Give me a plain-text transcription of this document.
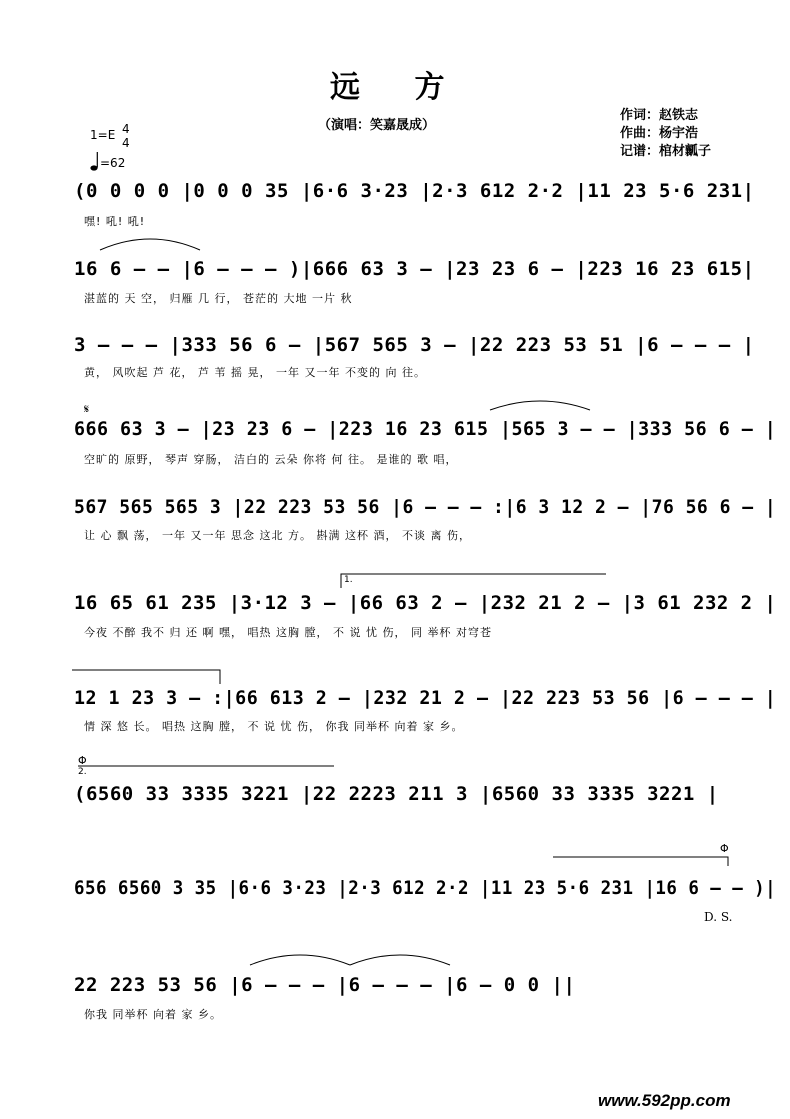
远 方
（演唱：笑嘉晟成）
作词：赵铁志
作曲：杨宇浩
记谱：棺材瓤子
1=E 4
4
=62
(0 0 0 0 |0 0 0 35 |6·6 3·23 |2·3 612 2·2 |11 23 5·6 231|
嘿! 吼! 吼!
16 6 – – |6 – – – )|666 63 3 – |23 23 6 – |223 16 23 615|
湛蓝的 天 空， 归雁 几 行， 苍茫的 大地 一片 秋
3 – – – |333 56 6 – |567 565 3 – |22 223 53 51 |6 – – – |
黄， 风吹起 芦 花， 芦 苇 摇 晃， 一年 又一年 不变的 向 往。
𝄋
666 63 3 – |23 23 6 – |223 16 23 615 |565 3 – – |333 56 6 – |
空旷的 原野， 琴声 穿肠， 洁白的 云朵 你将 何 往。 是谁的 歌 唱，
567 565 565 3 |22 223 53 56 |6 – – – :|6 3 12 2 – |76 56 6 – |
让 心 飘 荡， 一年 又一年 思念 这北 方。 斟满 这杯 酒， 不谈 离 伤，
1.
16 65 61 235 |3·12 3 – |66 63 2 – |232 21 2 – |3 61 232 2 |
今夜 不醉 我不 归 还 啊 嘿， 唱热 这胸 膛， 不 说 忧 伤， 同 举杯 对穹苍
12 1 23 3 – :|66 613 2 – |232 21 2 – |22 223 53 56 |6 – – – |
情 深 悠 长。 唱热 这胸 膛， 不 说 忧 伤， 你我 同举杯 向着 家 乡。
Φ
2.
(6560 33 3335 3221 |22 2223 211 3 |6560 33 3335 3221 |
Φ
656 6560 3 35 |6·6 3·23 |2·3 612 2·2 |11 23 5·6 231 |16 6 – – )|
D. S.
22 223 53 56 |6 – – – |6 – – – |6 – 0 0 ||
你我 同举杯 向着 家 乡。
www.592pp.com
